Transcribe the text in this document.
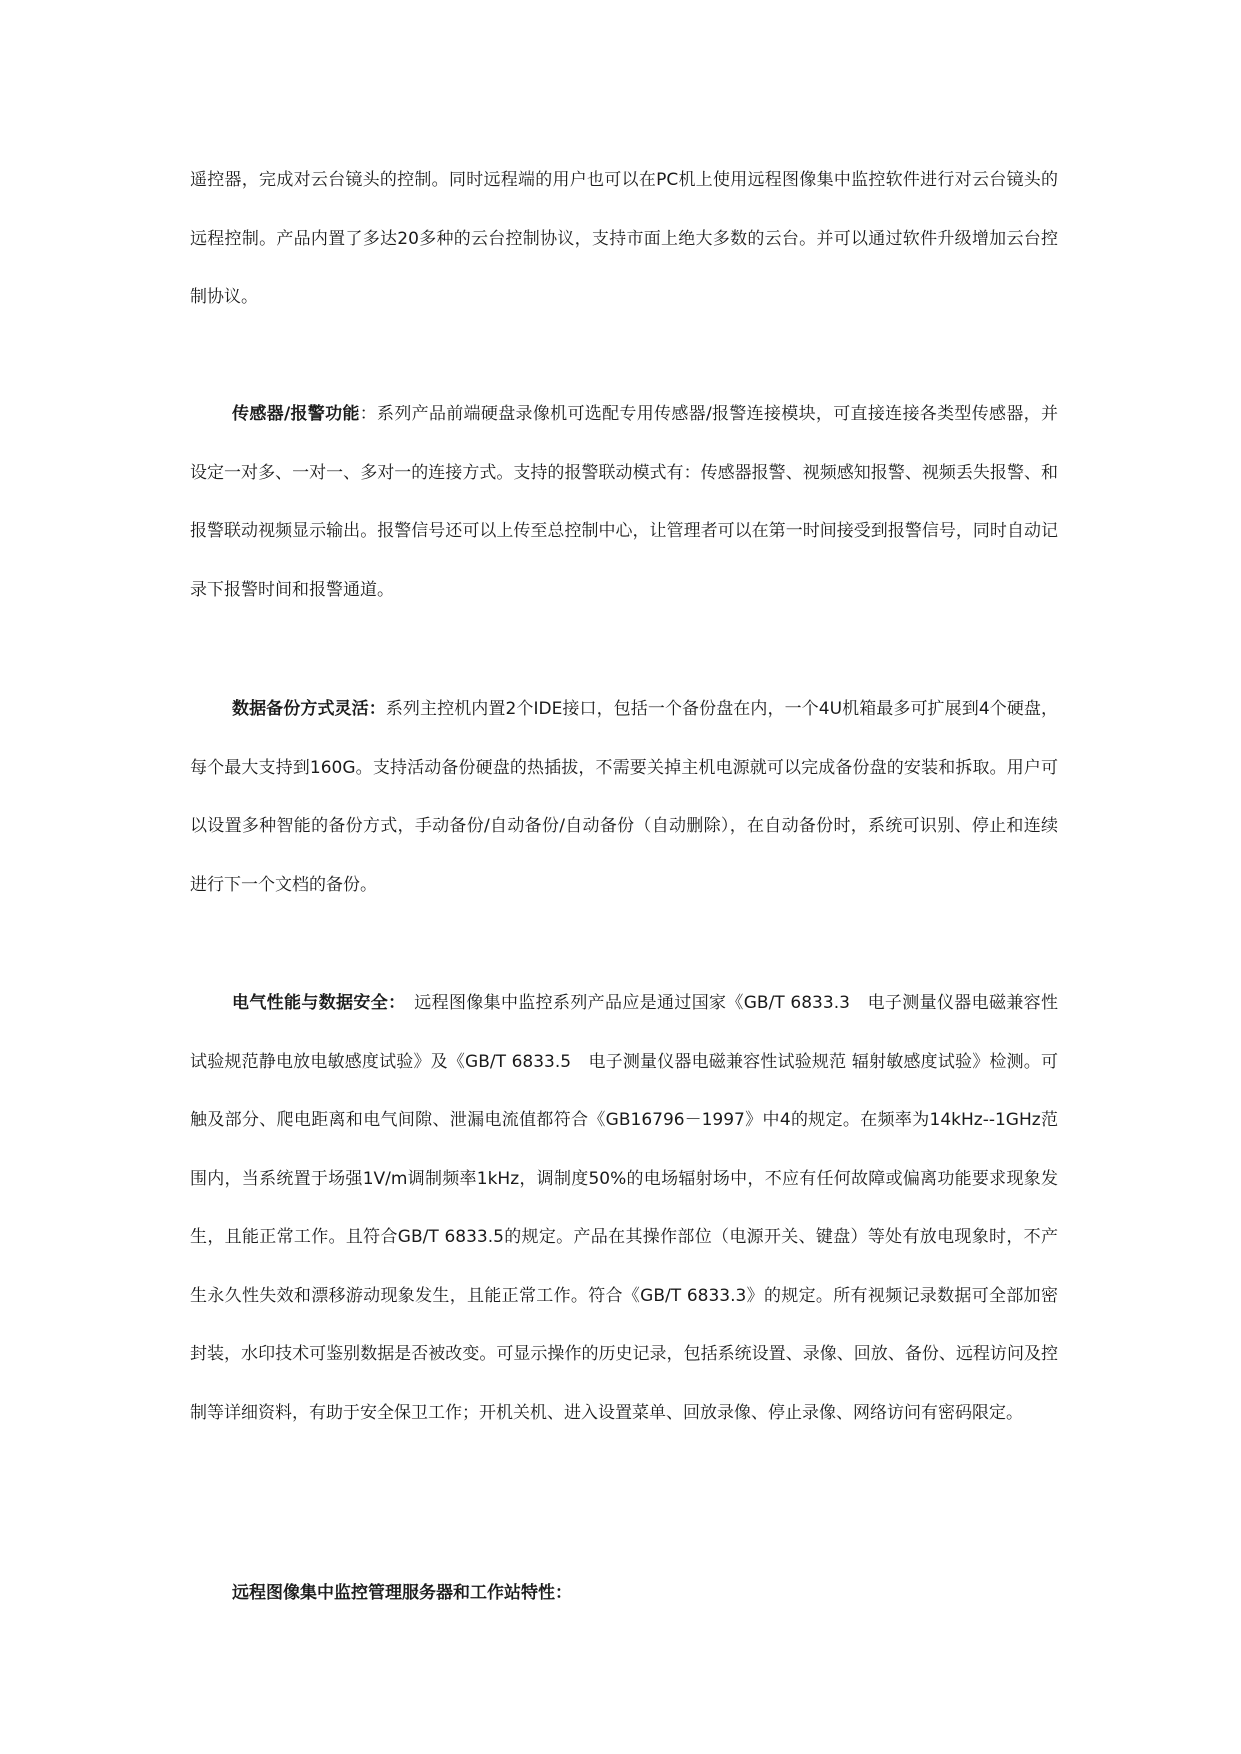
遥控器，完成对云台镜头的控制。同时远程端的用户也可以在PC机上使用远程图像集中监控软件进行对云台镜头的远程控制。产品内置了多达20多种的云台控制协议，支持市面上绝大多数的云台。并可以通过软件升级增加云台控制协议。

传感器/报警功能：系列产品前端硬盘录像机可选配专用传感器/报警连接模块，可直接连接各类型传感器，并设定一对多、一对一、多对一的连接方式。支持的报警联动模式有：传感器报警、视频感知报警、视频丢失报警、和报警联动视频显示输出。报警信号还可以上传至总控制中心，让管理者可以在第一时间接受到报警信号，同时自动记录下报警时间和报警通道。

数据备份方式灵活：系列主控机内置2个IDE接口，包括一个备份盘在内，一个4U机箱最多可扩展到4个硬盘，每个最大支持到160G。支持活动备份硬盘的热插拔，不需要关掉主机电源就可以完成备份盘的安装和拆取。用户可以设置多种智能的备份方式，手动备份/自动备份/自动备份（自动删除），在自动备份时，系统可识别、停止和连续进行下一个文档的备份。

电气性能与数据安全：　远程图像集中监控系列产品应是通过国家《GB/T 6833.3　电子测量仪器电磁兼容性试验规范静电放电敏感度试验》及《GB/T 6833.5　电子测量仪器电磁兼容性试验规范 辐射敏感度试验》检测。可触及部分、爬电距离和电气间隙、泄漏电流值都符合《GB16796－1997》中4的规定。在频率为14kHz--1GHz范围内，当系统置于场强1V/m调制频率1kHz，调制度50%的电场辐射场中，不应有任何故障或偏离功能要求现象发生，且能正常工作。且符合GB/T 6833.5的规定。产品在其操作部位（电源开关、键盘）等处有放电现象时，不产生永久性失效和漂移游动现象发生，且能正常工作。符合《GB/T 6833.3》的规定。所有视频记录数据可全部加密封装，水印技术可鉴别数据是否被改变。可显示操作的历史记录，包括系统设置、录像、回放、备份、远程访问及控制等详细资料，有助于安全保卫工作；开机关机、进入设置菜单、回放录像、停止录像、网络访问有密码限定。

远程图像集中监控管理服务器和工作站特性：
